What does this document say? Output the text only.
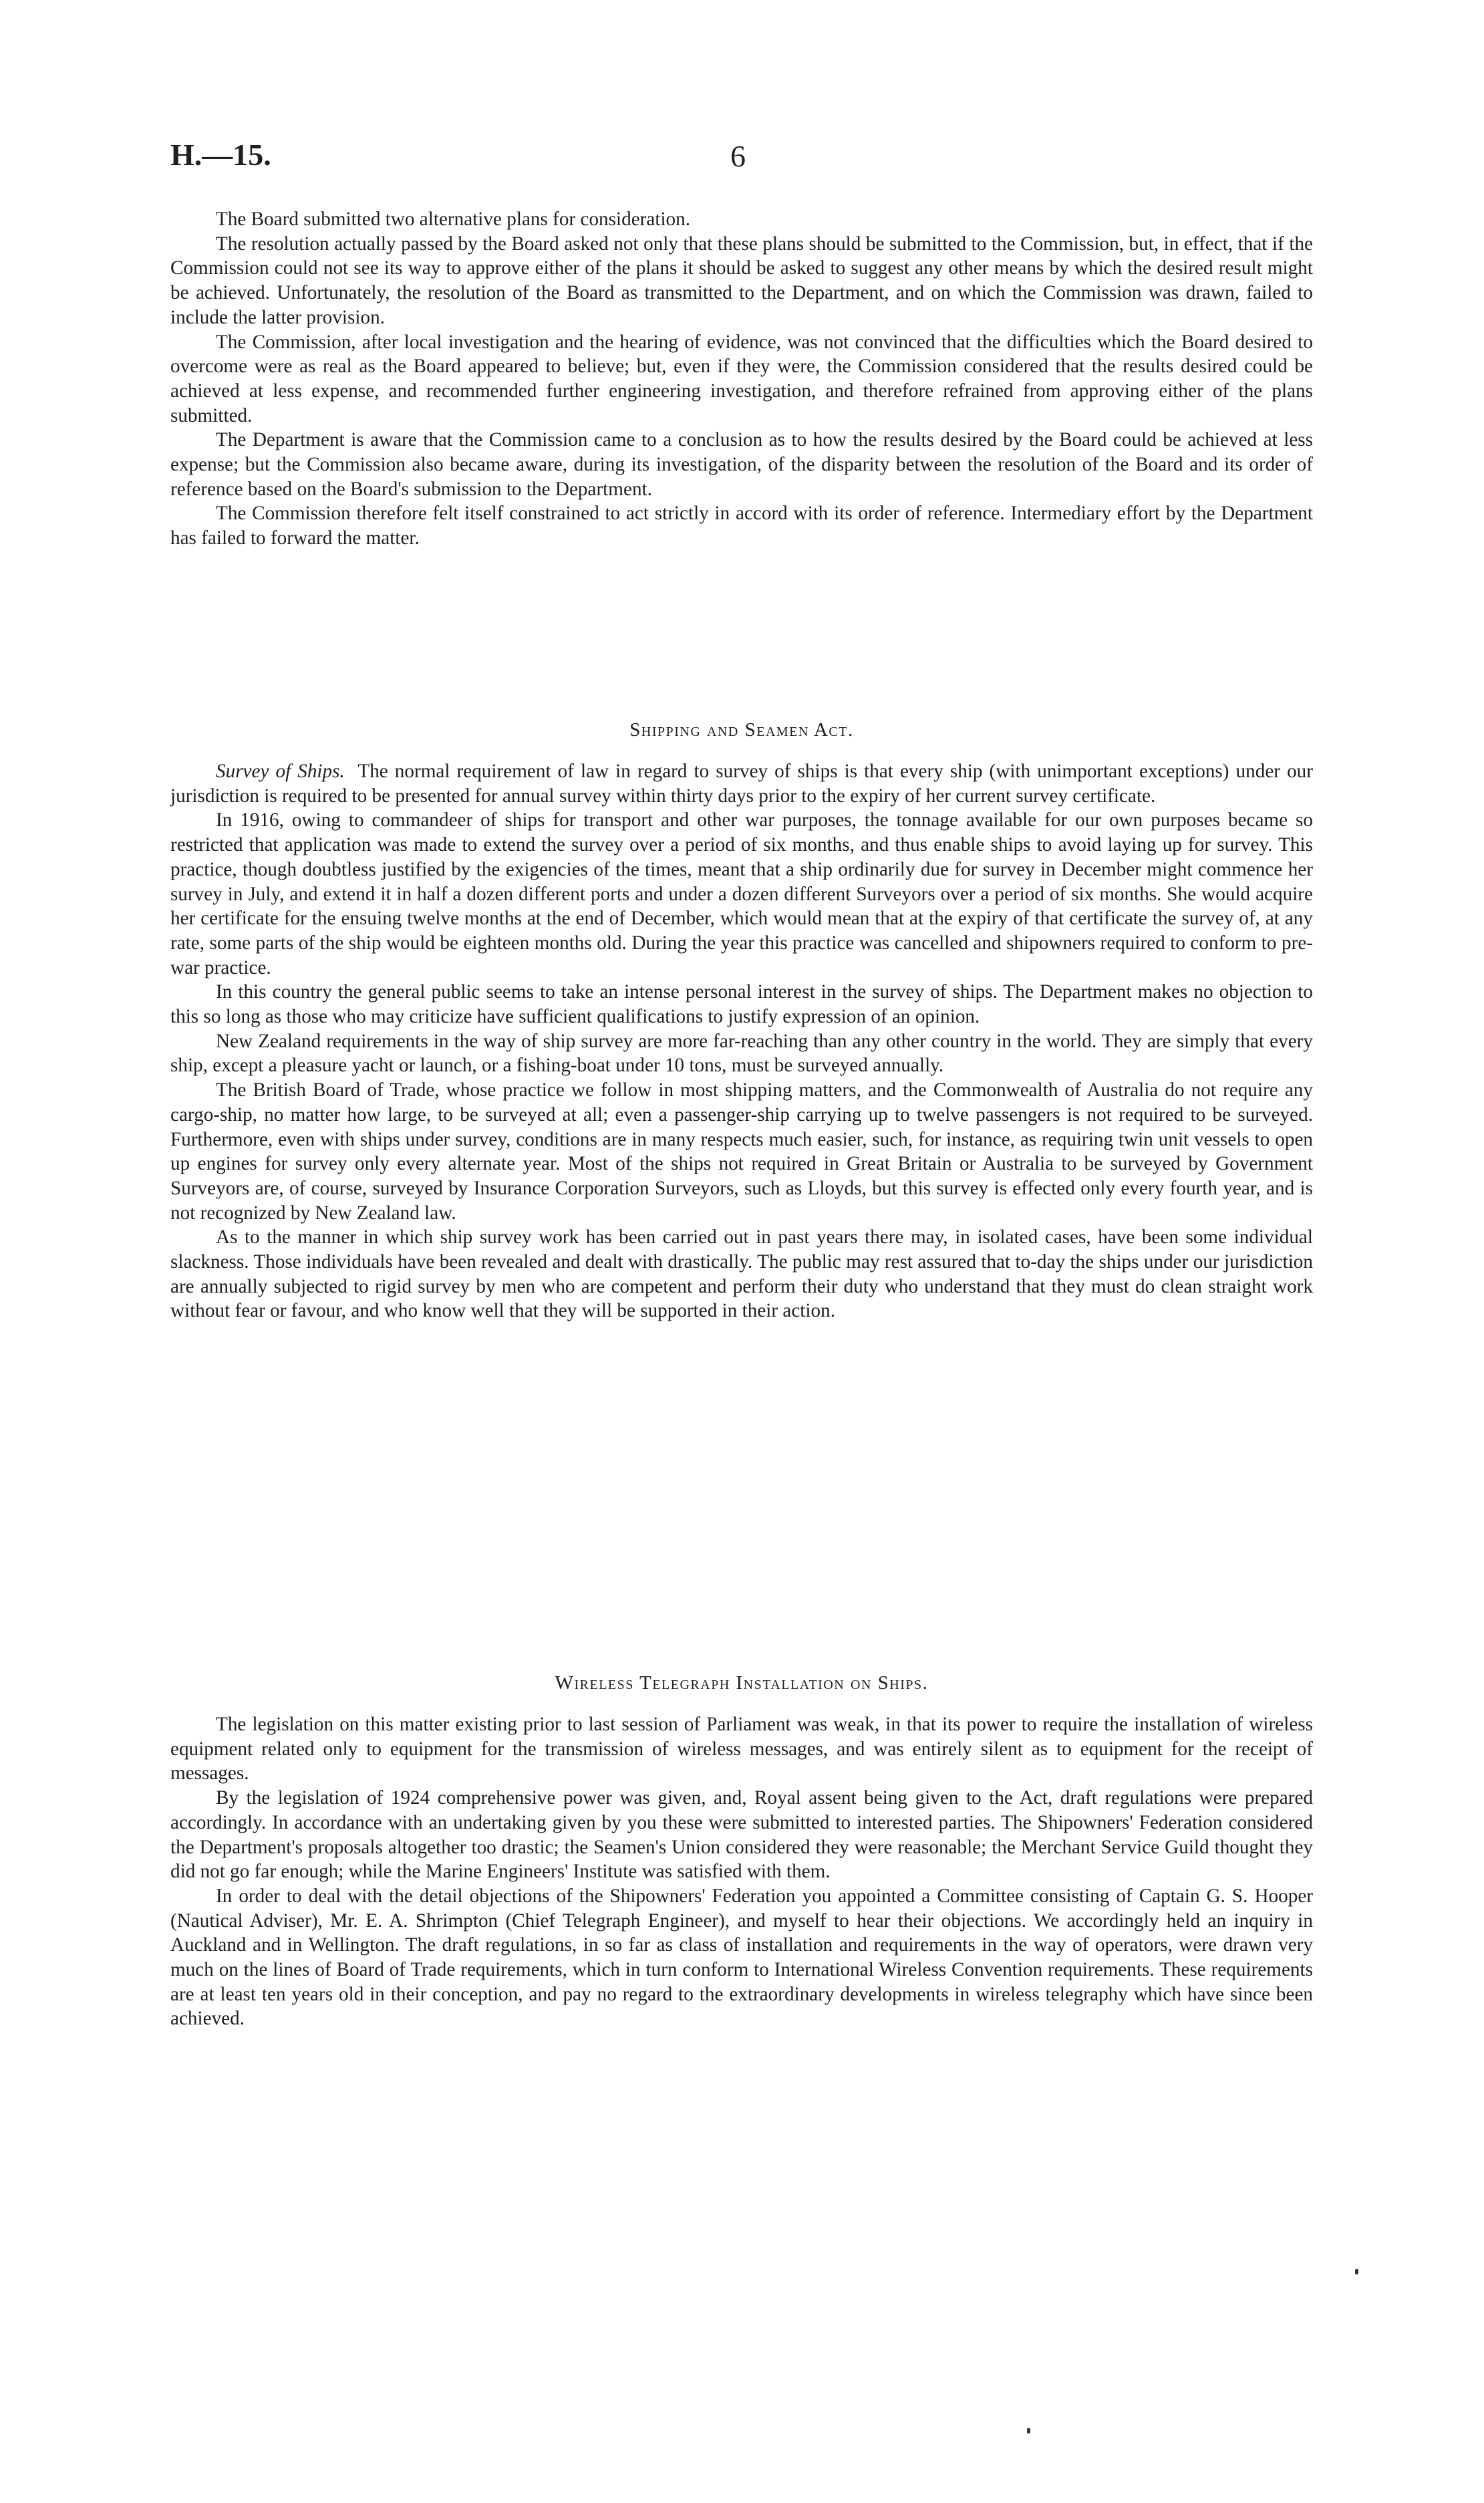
H.—15.	6

The Board submitted two alternative plans for consideration.

The resolution actually passed by the Board asked not only that these plans should be submitted to the Commission, but, in effect, that if the Commission could not see its way to approve either of the plans it should be asked to suggest any other means by which the desired result might be achieved. Unfortunately, the resolution of the Board as transmitted to the Department, and on which the Commission was drawn, failed to include the latter provision.

The Commission, after local investigation and the hearing of evidence, was not convinced that the difficulties which the Board desired to overcome were as real as the Board appeared to believe; but, even if they were, the Commission considered that the results desired could be achieved at less expense, and recommended further engineering investigation, and therefore refrained from approving either of the plans submitted.

The Department is aware that the Commission came to a conclusion as to how the results desired by the Board could be achieved at less expense; but the Commission also became aware, during its investigation, of the disparity between the resolution of the Board and its order of reference based on the Board's submission to the Department.

The Commission therefore felt itself constrained to act strictly in accord with its order of reference. Intermediary effort by the Department has failed to forward the matter.

Shipping and Seamen Act.

Survey of Ships. The normal requirement of law in regard to survey of ships is that every ship (with unimportant exceptions) under our jurisdiction is required to be presented for annual survey within thirty days prior to the expiry of her current survey certificate.

In 1916, owing to commandeer of ships for transport and other war purposes, the tonnage available for our own purposes became so restricted that application was made to extend the survey over a period of six months, and thus enable ships to avoid laying up for survey. This practice, though doubtless justified by the exigencies of the times, meant that a ship ordinarily due for survey in December might commence her survey in July, and extend it in half a dozen different ports and under a dozen different Surveyors over a period of six months. She would acquire her certificate for the ensuing twelve months at the end of December, which would mean that at the expiry of that certificate the survey of, at any rate, some parts of the ship would be eighteen months old. During the year this practice was cancelled and shipowners required to conform to pre-war practice.

In this country the general public seems to take an intense personal interest in the survey of ships. The Department makes no objection to this so long as those who may criticize have sufficient qualifications to justify expression of an opinion.

New Zealand requirements in the way of ship survey are more far-reaching than any other country in the world. They are simply that every ship, except a pleasure yacht or launch, or a fishing-boat under 10 tons, must be surveyed annually.

The British Board of Trade, whose practice we follow in most shipping matters, and the Commonwealth of Australia do not require any cargo-ship, no matter how large, to be surveyed at all; even a passenger-ship carrying up to twelve passengers is not required to be surveyed. Furthermore, even with ships under survey, conditions are in many respects much easier, such, for instance, as requiring twin unit vessels to open up engines for survey only every alternate year. Most of the ships not required in Great Britain or Australia to be surveyed by Government Surveyors are, of course, surveyed by Insurance Corporation Surveyors, such as Lloyds, but this survey is effected only every fourth year, and is not recognized by New Zealand law.

As to the manner in which ship survey work has been carried out in past years there may, in isolated cases, have been some individual slackness. Those individuals have been revealed and dealt with drastically. The public may rest assured that to-day the ships under our jurisdiction are annually subjected to rigid survey by men who are competent and perform their duty who understand that they must do clean straight work without fear or favour, and who know well that they will be supported in their action.

Wireless Telegraph Installation on Ships.

The legislation on this matter existing prior to last session of Parliament was weak, in that its power to require the installation of wireless equipment related only to equipment for the transmission of wireless messages, and was entirely silent as to equipment for the receipt of messages.

By the legislation of 1924 comprehensive power was given, and, Royal assent being given to the Act, draft regulations were prepared accordingly. In accordance with an undertaking given by you these were submitted to interested parties. The Shipowners' Federation considered the Department's proposals altogether too drastic; the Seamen's Union considered they were reasonable; the Merchant Service Guild thought they did not go far enough; while the Marine Engineers' Institute was satisfied with them.

In order to deal with the detail objections of the Shipowners' Federation you appointed a Committee consisting of Captain G. S. Hooper (Nautical Adviser), Mr. E. A. Shrimpton (Chief Telegraph Engineer), and myself to hear their objections. We accordingly held an inquiry in Auckland and in Wellington. The draft regulations, in so far as class of installation and requirements in the way of operators, were drawn very much on the lines of Board of Trade requirements, which in turn conform to International Wireless Convention requirements. These requirements are at least ten years old in their conception, and pay no regard to the extraordinary developments in wireless telegraphy which have since been achieved.
